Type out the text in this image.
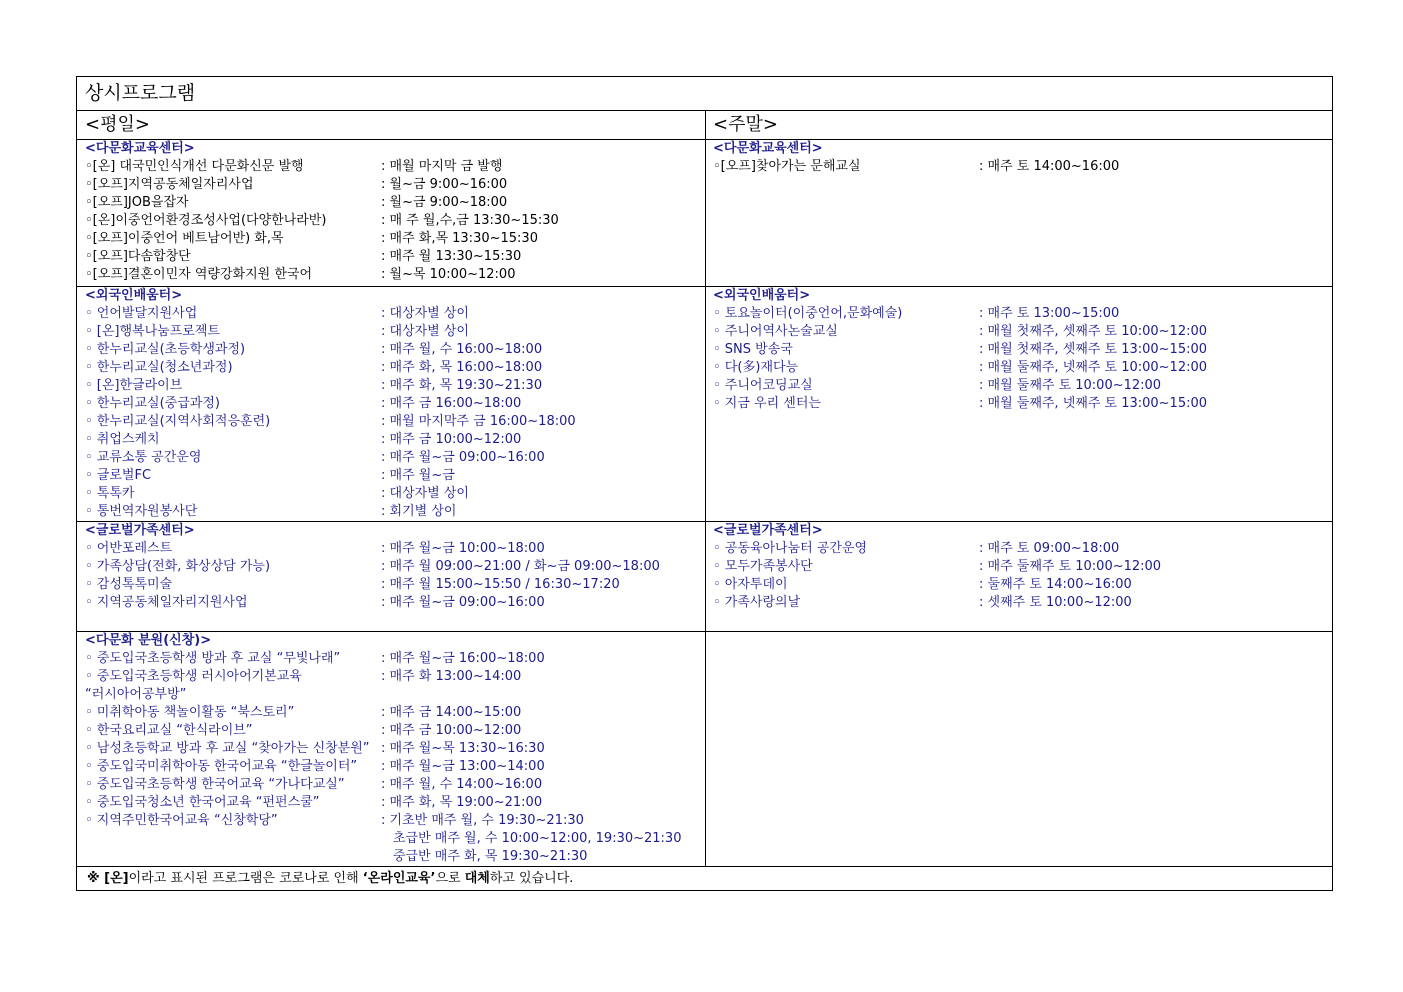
상시프로그램
<평일>	<주말>
<다문화교육센터>
◦[온] 대국민인식개선 다문화신문 발행	: 매월 마지막 금 발행
◦[오프]지역공동체일자리사업	: 월~금 9:00~16:00
◦[오프]JOB을잡자	: 월~금 9:00~18:00
◦[온]이중언어환경조성사업(다양한나라반)	: 매 주 월,수,금 13:30~15:30
◦[오프]이중언어 베트남어반) 화,목	: 매주 화,목 13:30~15:30
◦[오프]다솜합창단	: 매주 월 13:30~15:30
◦[오프]결혼이민자 역량강화지원 한국어	: 월~목 10:00~12:00
<다문화교육센터>
◦[오프]찾아가는 문해교실	: 매주 토 14:00~16:00
<외국인배움터>
◦ 언어발달지원사업	: 대상자별 상이
◦ [온]행복나눔프로젝트	: 대상자별 상이
◦ 한누리교실(초등학생과정)	: 매주 월, 수 16:00~18:00
◦ 한누리교실(청소년과정)	: 매주 화, 목 16:00~18:00
◦ [온]한글라이브	: 매주 화, 목 19:30~21:30
◦ 한누리교실(중급과정)	: 매주 금 16:00~18:00
◦ 한누리교실(지역사회적응훈련)	: 매월 마지막주 금 16:00~18:00
◦ 취업스케치	: 매주 금 10:00~12:00
◦ 교류소통 공간운영	: 매주 월~금 09:00~16:00
◦ 글로벌FC	: 매주 월~금
◦ 톡톡카	: 대상자별 상이
◦ 통번역자원봉사단	: 회기별 상이
<외국인배움터>
◦ 토요놀이터(이중언어,문화예술)	: 매주 토 13:00~15:00
◦ 주니어역사논술교실	: 매월 첫째주, 셋째주 토 10:00~12:00
◦ SNS 방송국	: 매월 첫째주, 셋째주 토 13:00~15:00
◦ 다(多)재다능	: 매월 둘째주, 넷째주 토 10:00~12:00
◦ 주니어코딩교실	: 매월 둘째주 토 10:00~12:00
◦ 지금 우리 센터는	: 매월 둘째주, 넷째주 토 13:00~15:00
<글로벌가족센터>
◦ 어반포레스트	: 매주 월~금 10:00~18:00
◦ 가족상담(전화, 화상상담 가능)	: 매주 월 09:00~21:00 / 화~금 09:00~18:00
◦ 감성톡톡미술	: 매주 월 15:00~15:50 / 16:30~17:20
◦ 지역공동체일자리지원사업	: 매주 월~금 09:00~16:00
<글로벌가족센터>
◦ 공동육아나눔터 공간운영	: 매주 토 09:00~18:00
◦ 모두가족봉사단	: 매주 둘째주 토 10:00~12:00
◦ 아자투데이	: 둘째주 토 14:00~16:00
◦ 가족사랑의날	: 셋째주 토 10:00~12:00
<다문화 분원(신창)>
◦ 중도입국초등학생 방과 후 교실 “무빛나래”	: 매주 월~금 16:00~18:00
◦ 중도입국초등학생 러시아어기본교육	: 매주 화 13:00~14:00
“러시아어공부방”
◦ 미취학아동 책놀이활동 “북스토리”	: 매주 금 14:00~15:00
◦ 한국요리교실 “한식라이브”	: 매주 금 10:00~12:00
◦ 남성초등학교 방과 후 교실 “찾아가는 신창분원” : 매주 월~목 13:30~16:30
◦ 중도입국미취학아동 한국어교육 “한글놀이터” : 매주 월~금 13:00~14:00
◦ 중도입국초등학생 한국어교육 “가나다교실”	: 매주 월, 수 14:00~16:00
◦ 중도입국청소년 한국어교육 “펀펀스쿨”	: 매주 화, 목 19:00~21:00
◦ 지역주민한국어교육 “신창학당”	: 기초반 매주 월, 수 19:30~21:30
초급반 매주 월, 수 10:00~12:00, 19:30~21:30
중급반 매주 화, 목 19:30~21:30
※ [온]이라고 표시된 프로그램은 코로나로 인해 ‘온라인교육’으로 대체하고 있습니다.
